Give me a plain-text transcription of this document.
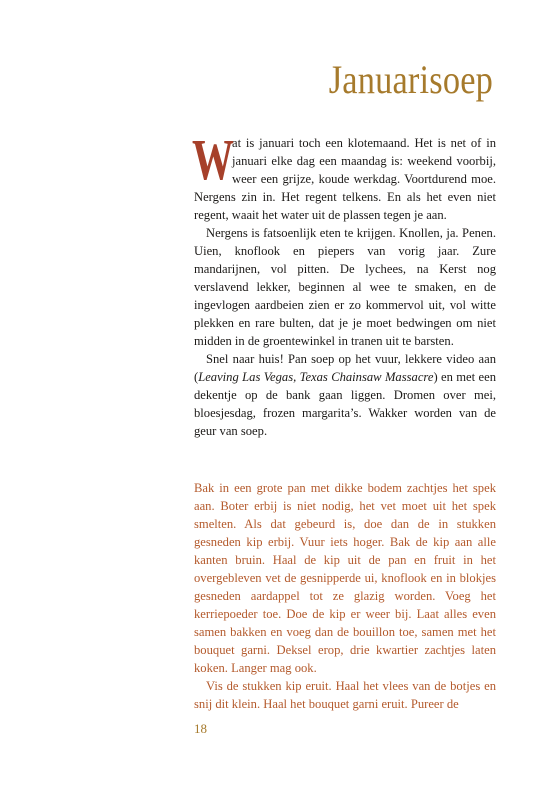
Januarisoep

W
at is januari toch een klotemaand. Het is net of in januari elke dag een maandag is: weekend voorbij, weer een grijze, koude werkdag. Voortdurend moe. Nergens zin in. Het regent telkens. En als het even niet regent, waait het water uit de plassen tegen je aan.

Nergens is fatsoenlijk eten te krijgen. Knollen, ja. Penen. Uien, knoflook en piepers van vorig jaar. Zure mandarijnen, vol pitten. De lychees, na Kerst nog verslavend lekker, beginnen al wee te smaken, en de ingevlogen aardbeien zien er zo kommervol uit, vol witte plekken en rare bulten, dat je je moet bedwingen om niet midden in de groentewinkel in tranen uit te barsten.

Snel naar huis! Pan soep op het vuur, lekkere video aan (Leaving Las Vegas, Texas Chainsaw Massacre) en met een dekentje op de bank gaan liggen. Dromen over mei, bloesjesdag, frozen margarita’s. Wakker worden van de geur van soep.

Bak in een grote pan met dikke bodem zachtjes het spek aan. Boter erbij is niet nodig, het vet moet uit het spek smelten. Als dat gebeurd is, doe dan de in stukken gesneden kip erbij. Vuur iets hoger. Bak de kip aan alle kanten bruin. Haal de kip uit de pan en fruit in het overgebleven vet de gesnipperde ui, knoflook en in blokjes gesneden aardappel tot ze glazig worden. Voeg het kerriepoeder toe. Doe de kip er weer bij. Laat alles even samen bakken en voeg dan de bouillon toe, samen met het bouquet garni. Deksel erop, drie kwartier zachtjes laten koken. Langer mag ook.

Vis de stukken kip eruit. Haal het vlees van de botjes en snij dit klein. Haal het bouquet garni eruit. Pureer de

18
